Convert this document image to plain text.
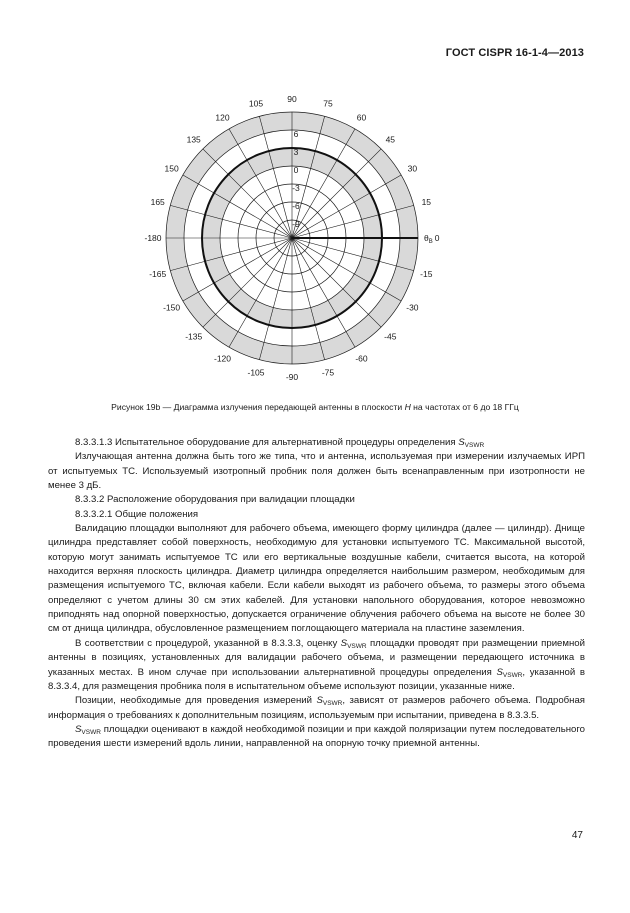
ГОСТ CISPR 16-1-4—2013
90	75
60
45
30
15
-15
-30
-45
-60
-75
-90
-105
-120
-135
-150
-165
-180
165
150
135
120
105
6
3
0
-3
-6
-9
$\theta_B$ 0
Рисунок 19b — Диаграмма излучения передающей антенны в плоскости H на частотах от 6 до 18 ГГц

8.3.3.1.3 Испытательное оборудование для альтернативной процедуры определения $S_{VSWR}$

Излучающая антенна должна быть того же типа, что и антенна, используемая при измерении излучаемых ИРП от испытуемых ТС. Используемый изотропный пробник поля должен быть всенаправленным при изотропности не менее 3 дБ.

8.3.3.2 Расположение оборудования при валидации площадки

8.3.3.2.1 Общие положения

Валидацию площадки выполняют для рабочего объема, имеющего форму цилиндра (далее — цилиндр). Днище цилиндра представляет собой поверхность, необходимую для установки испытуемого ТС. Максимальной высотой, которую могут занимать испытуемое ТС или его вертикальные воздушные кабели, считается высота, на которой находится верхняя плоскость цилиндра. Диаметр цилиндра определяется наибольшим размером, необходимым для размещения испытуемого ТС, включая кабели. Если кабели выходят из рабочего объема, то размеры этого объема определяют с учетом длины 30 см этих кабелей. Для установки напольного оборудования, которое невозможно приподнять над опорной поверхностью, допускается ограничение облучения рабочего объема на высоте не более 30 см от днища цилиндра, обусловленное размещением поглощающего материала на пластине заземления.

В соответствии с процедурой, указанной в 8.3.3.3, оценку $S_{VSWR}$ площадки проводят при размещении приемной антенны в позициях, установленных для валидации рабочего объема, и размещении передающего источника в указанных местах. В ином случае при использовании альтернативной процедуры определения $S_{VSWR}$, указанной в 8.3.3.4, для размещения пробника поля в испытательном объеме используют позиции, указанные ниже.

Позиции, необходимые для проведения измерений $S_{VSWR}$, зависят от размеров рабочего объема. Подробная информация о требованиях к дополнительным позициям, используемым при испытании, приведена в 8.3.3.5.

$S_{VSWR}$ площадки оценивают в каждой необходимой позиции и при каждой поляризации путем последовательного проведения шести измерений вдоль линии, направленной на опорную точку приемной антенны.

47
